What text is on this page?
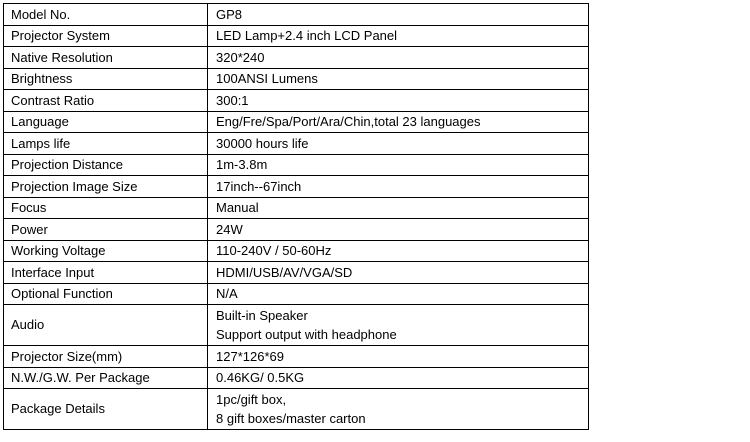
Model No.	GP8
Projector System	LED Lamp+2.4 inch LCD Panel
Native Resolution	320*240
Brightness	100ANSI Lumens
Contrast Ratio	300:1
Language	Eng/Fre/Spa/Port/Ara/Chin,total 23 languages
Lamps life	30000 hours life
Projection Distance	1m-3.8m
Projection Image Size	17inch--67inch
Focus	Manual
Power	24W
Working Voltage	110-240V / 50-60Hz
Interface Input	HDMI/USB/AV/VGA/SD
Optional Function	N/A
Audio	Built-in Speaker
Support output with headphone

Projector Size(mm)	127*126*69
N.W./G.W. Per Package	0.46KG/ 0.5KG
Package Details	1pc/gift box,
8 gift boxes/master carton
